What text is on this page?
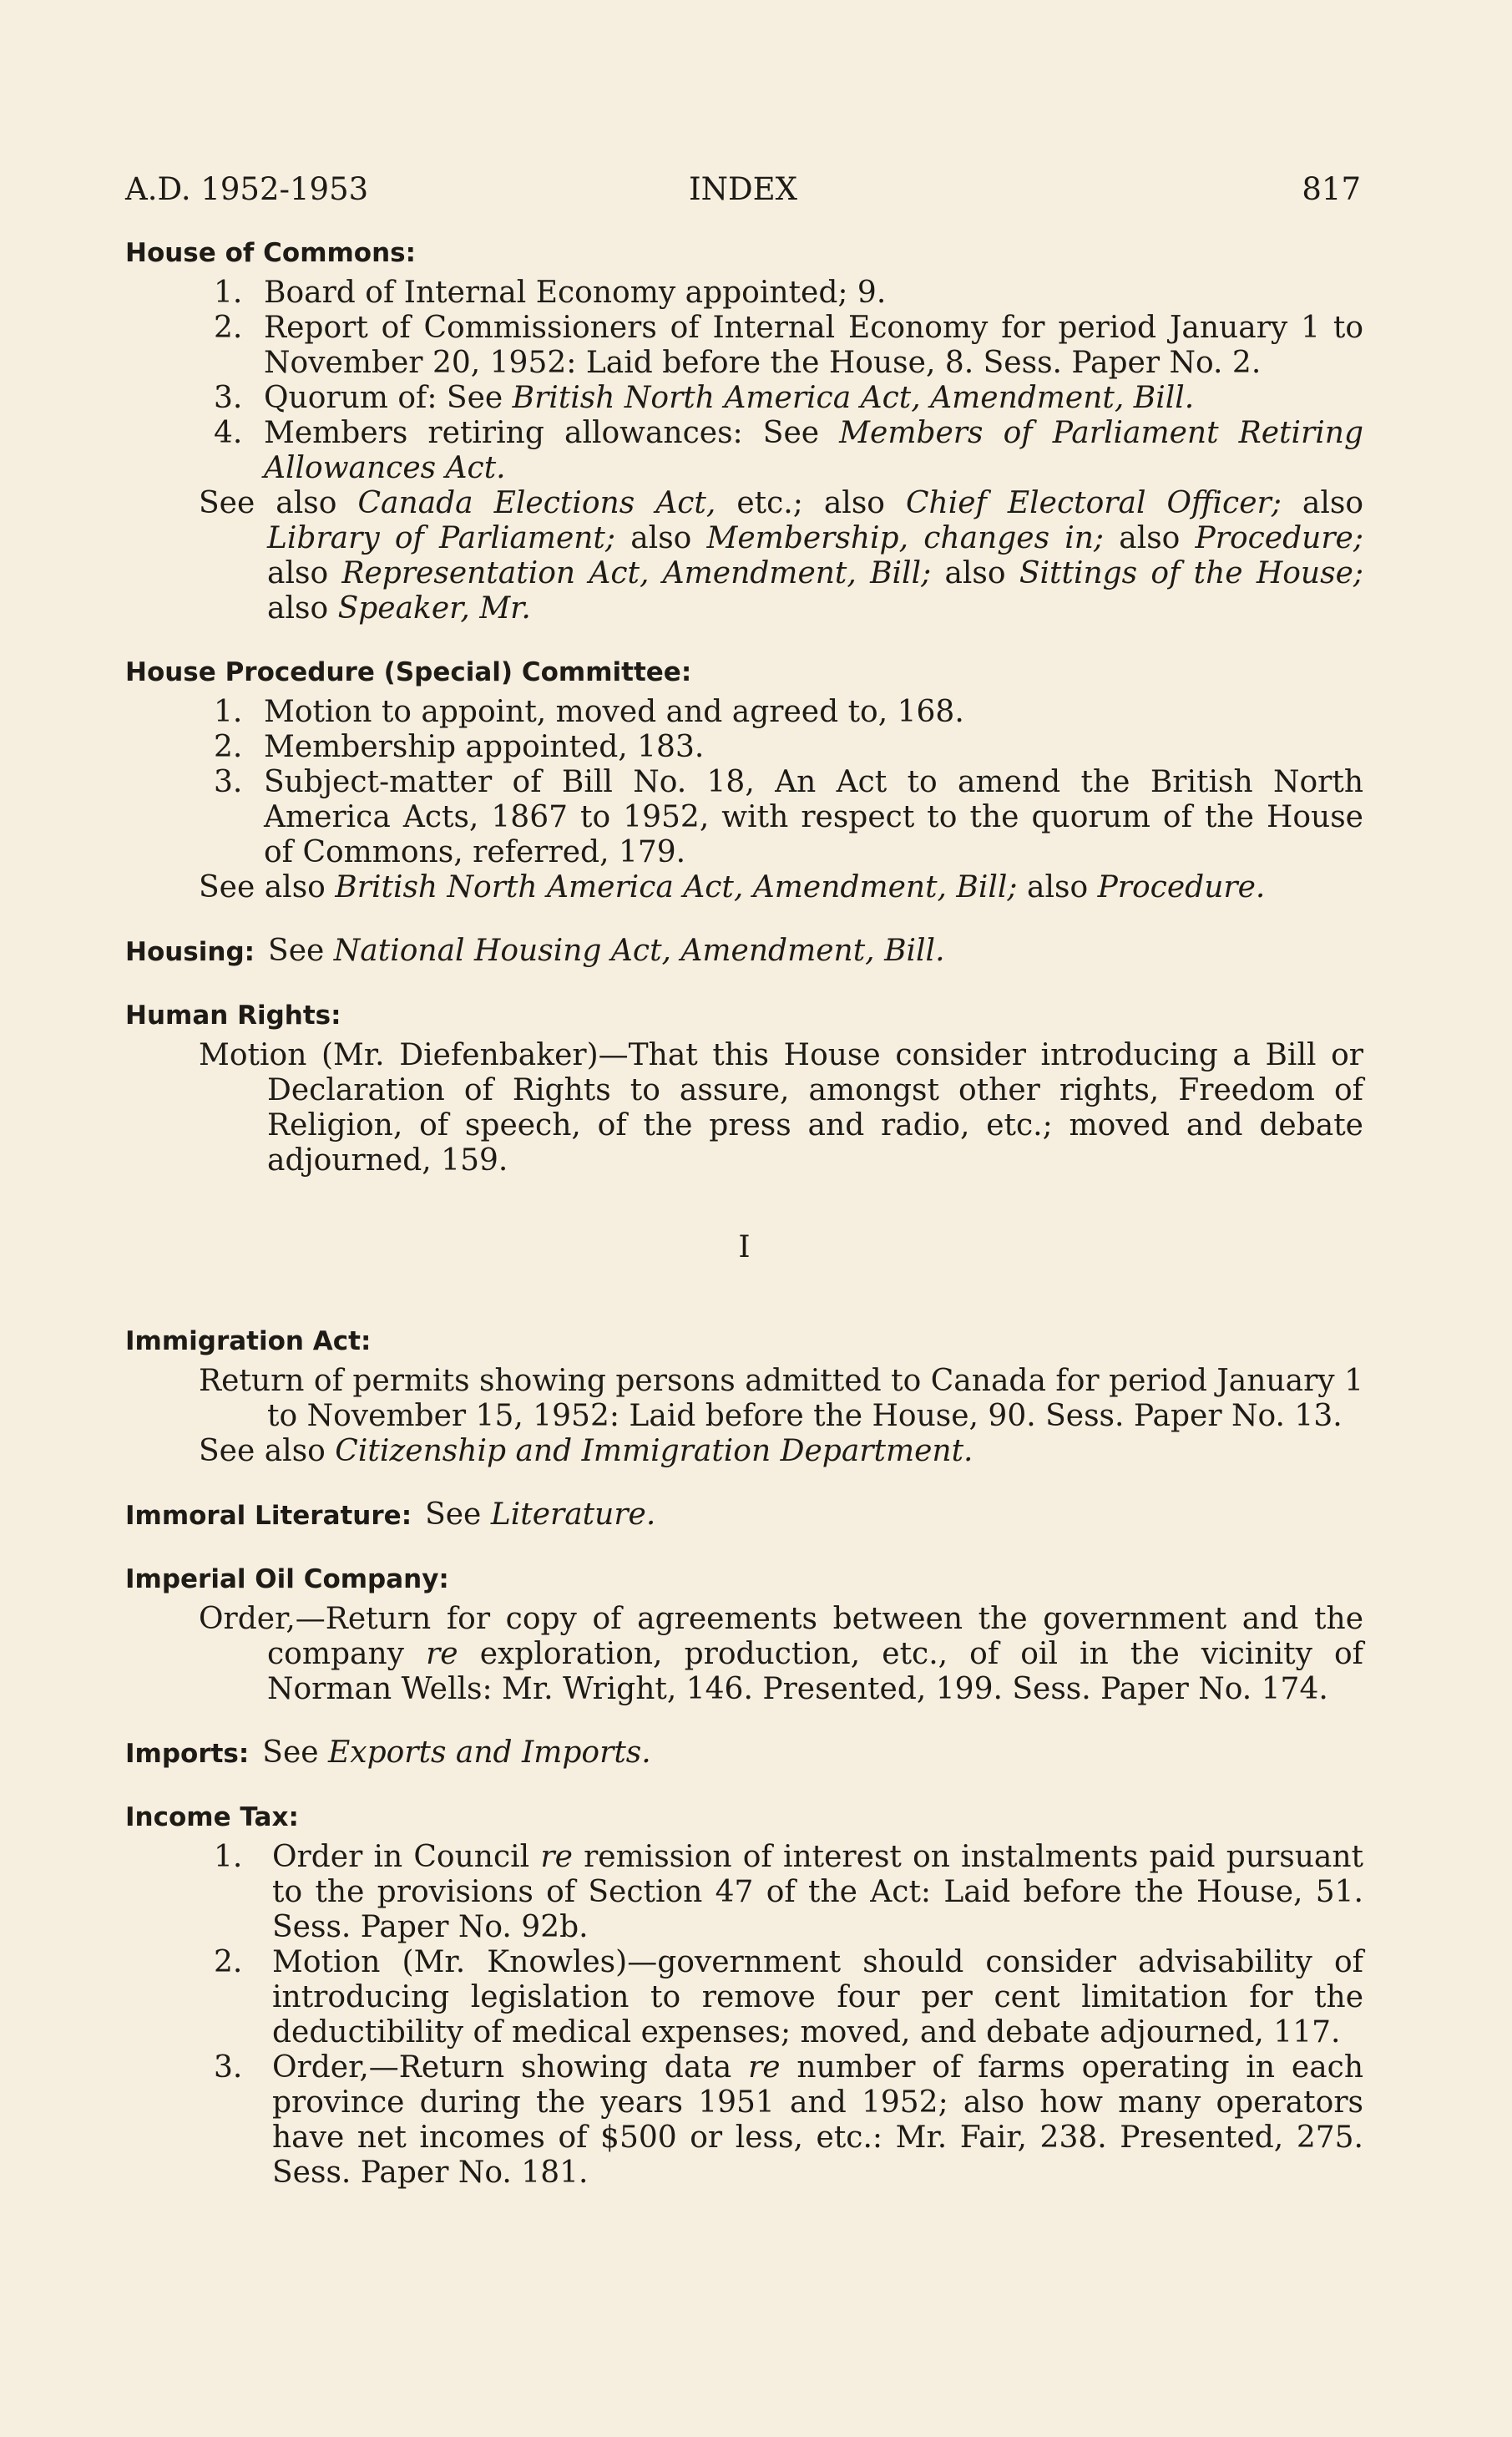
A.D. 1952-1953	INDEX	817
House of Commons:
1. Board of Internal Economy appointed; 9.
2. Report of Commissioners of Internal Economy for period January 1 to November 20, 1952: Laid before the House, 8. Sess. Paper No. 2.
3. Quorum of: See British North America Act, Amendment, Bill.
4. Members retiring allowances: See Members of Parliament Retiring Allowances Act.
See also Canada Elections Act, etc.; also Chief Electoral Officer; also Library of Parliament; also Membership, changes in; also Procedure; also Representation Act, Amendment, Bill; also Sittings of the House; also Speaker, Mr.
House Procedure (Special) Committee:
1. Motion to appoint, moved and agreed to, 168.
2. Membership appointed, 183.
3. Subject-matter of Bill No. 18, An Act to amend the British North America Acts, 1867 to 1952, with respect to the quorum of the House of Commons, referred, 179.
See also British North America Act, Amendment, Bill; also Procedure.
Housing: See National Housing Act, Amendment, Bill.
Human Rights:
Motion (Mr. Diefenbaker)—That this House consider introducing a Bill or Declaration of Rights to assure, amongst other rights, Freedom of Religion, of speech, of the press and radio, etc.; moved and debate adjourned, 159.
I
Immigration Act:
Return of permits showing persons admitted to Canada for period January 1 to November 15, 1952: Laid before the House, 90. Sess. Paper No. 13.
See also Citizenship and Immigration Department.
Immoral Literature: See Literature.
Imperial Oil Company:
Order,—Return for copy of agreements between the government and the company re exploration, production, etc., of oil in the vicinity of Norman Wells: Mr. Wright, 146. Presented, 199. Sess. Paper No. 174.
Imports: See Exports and Imports.
Income Tax:
1. Order in Council re remission of interest on instalments paid pursuant to the provisions of Section 47 of the Act: Laid before the House, 51. Sess. Paper No. 92b.
2. Motion (Mr. Knowles)—government should consider advisability of introducing legislation to remove four per cent limitation for the deductibility of medical expenses; moved, and debate adjourned, 117.
3. Order,—Return showing data re number of farms operating in each province during the years 1951 and 1952; also how many operators have net incomes of $500 or less, etc.: Mr. Fair, 238. Presented, 275. Sess. Paper No. 181.
